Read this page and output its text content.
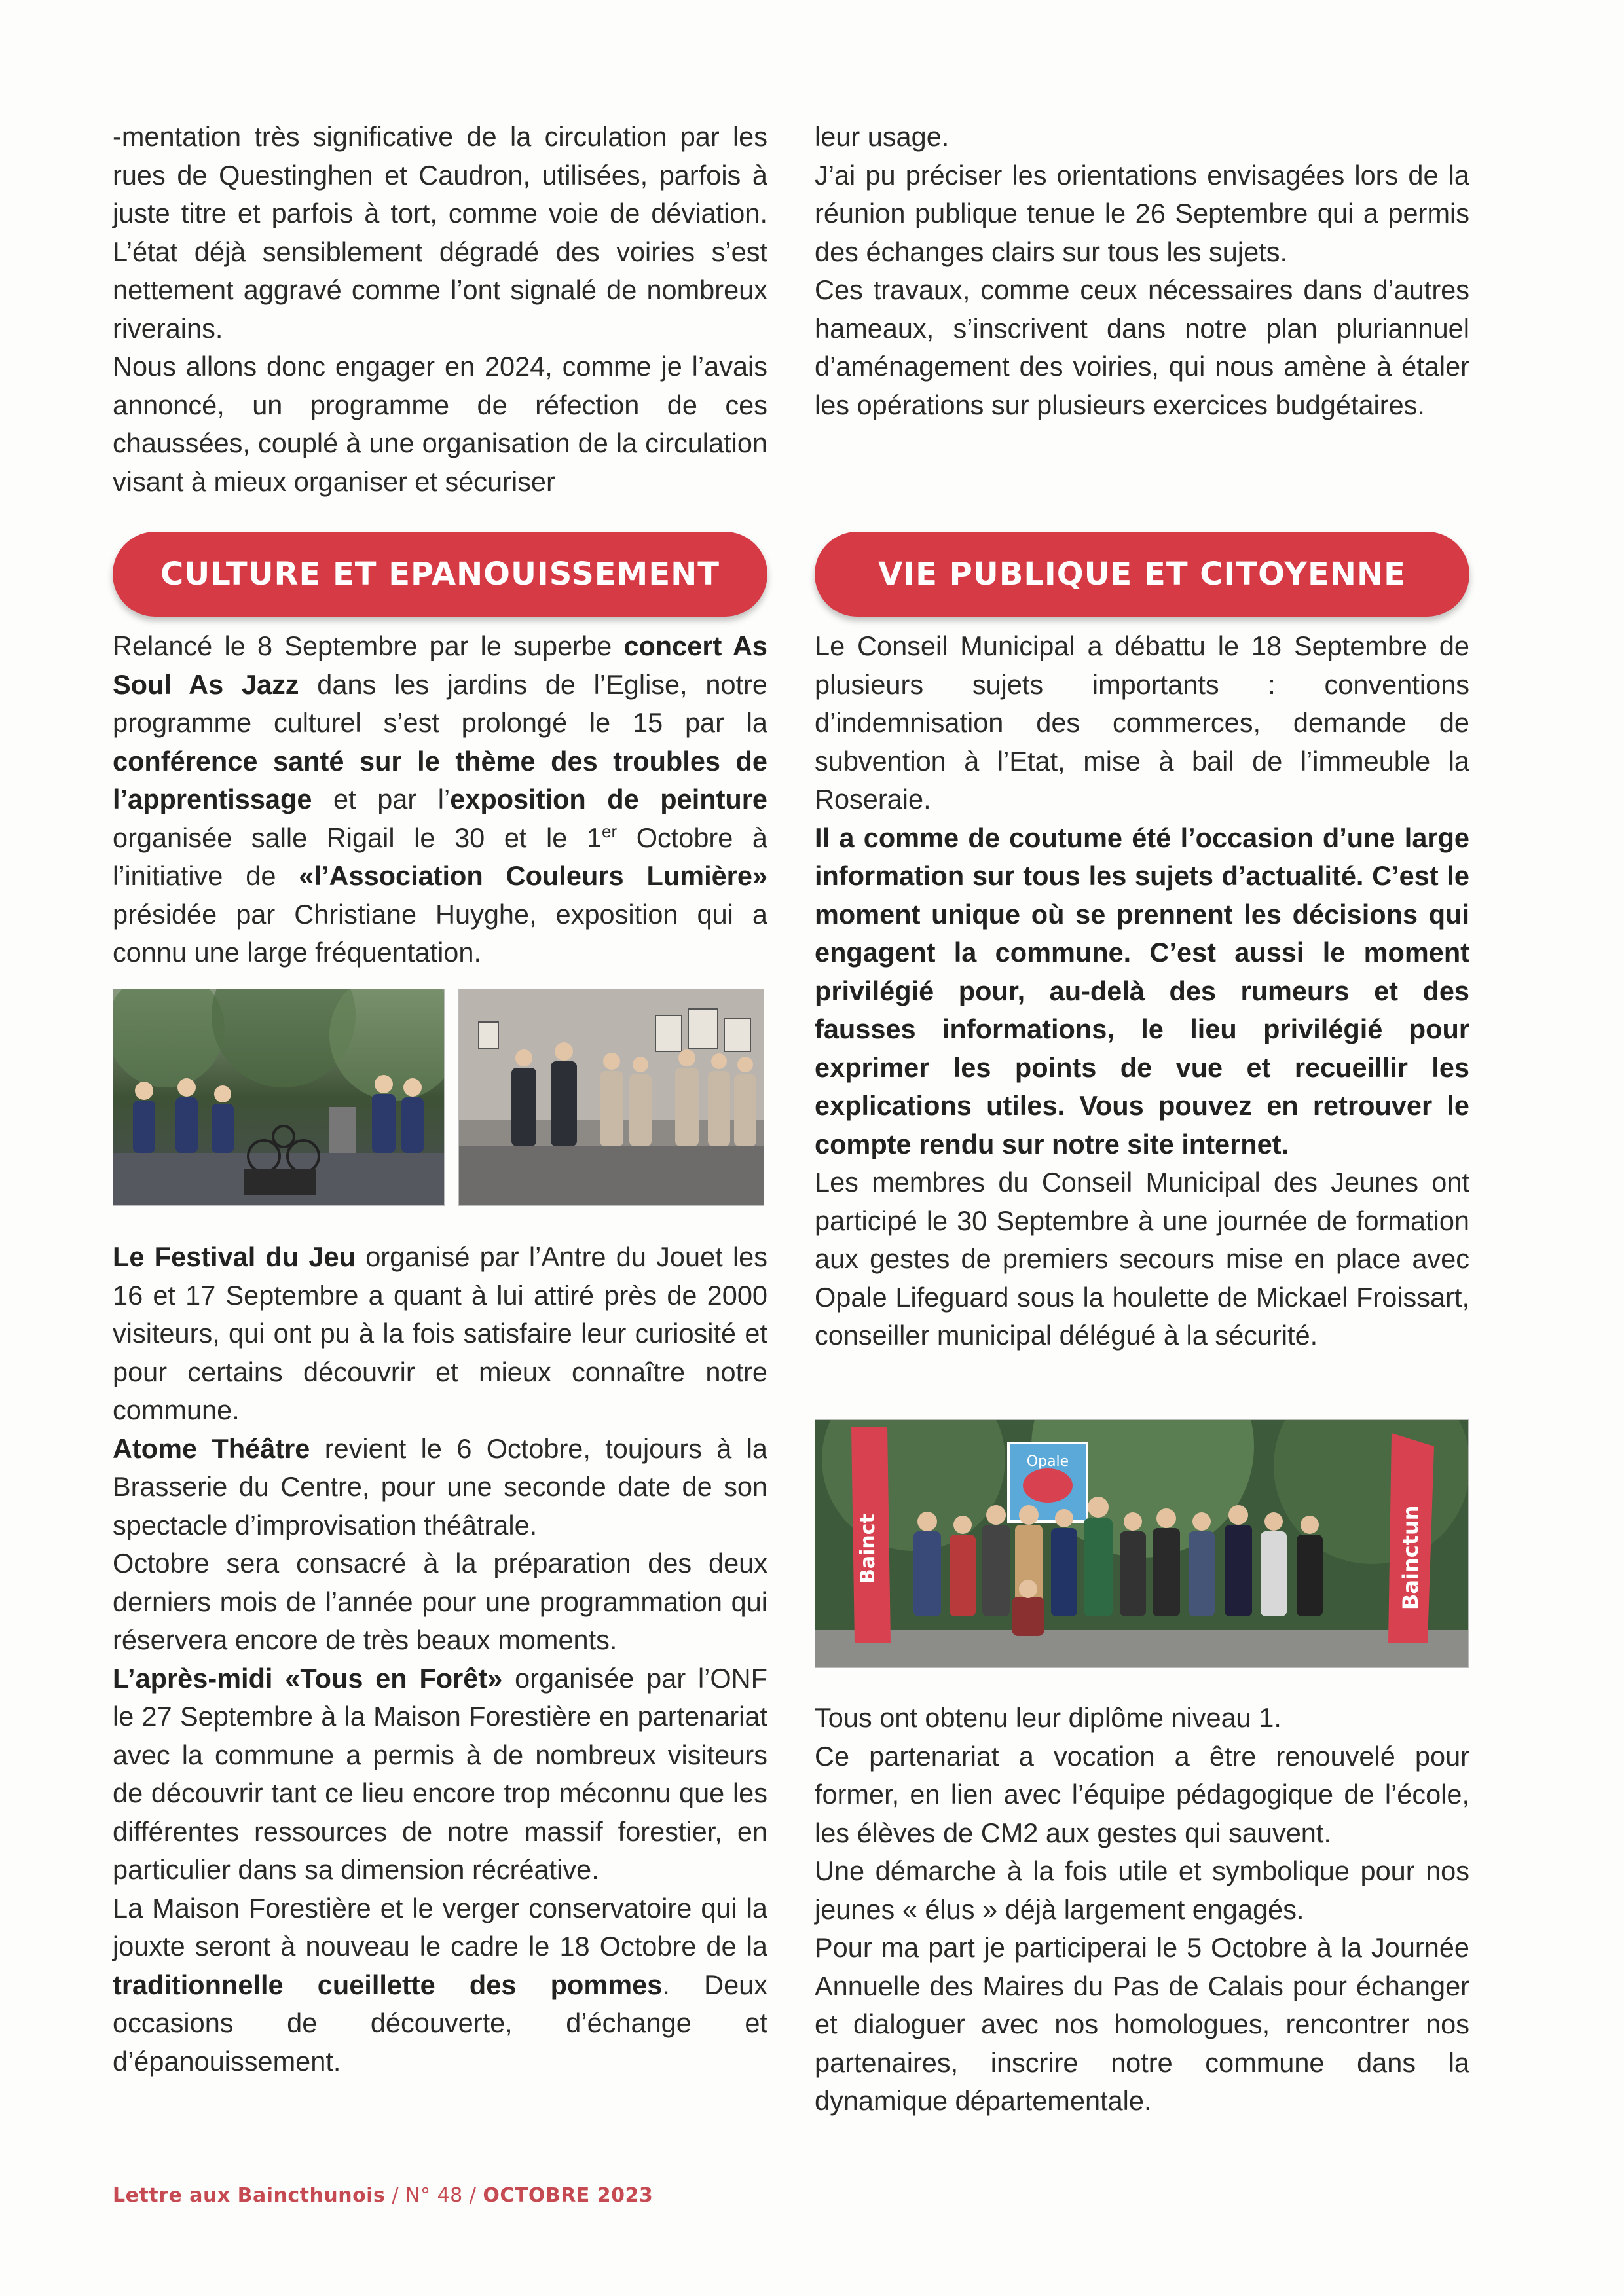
-mentation très significative de la circulation par les rues de Questinghen et Caudron, utilisées, parfois à juste titre et parfois à tort, comme voie de déviation. L’état déjà sensiblement dégradé des voiries s’est nettement aggravé comme l’ont signalé de nombreux riverains.

Nous allons donc engager en 2024, comme je l’avais annoncé, un programme de réfection de ces chaussées, couplé à une organisation de la circulation visant à mieux organiser et sécuriser

leur usage.

J’ai pu préciser les orientations envisagées lors de la réunion publique tenue le 26 Septembre qui a permis des échanges clairs sur tous les sujets.

Ces travaux, comme ceux nécessaires dans d’autres hameaux, s’inscrivent dans notre plan pluriannuel d’aménagement des voiries, qui nous amène à étaler les opérations sur plusieurs exercices budgétaires.

CULTURE ET EPANOUISSEMENT	VIE PUBLIQUE ET CITOYENNE

Relancé le 8 Septembre par le superbe concert As Soul As Jazz dans les jardins de l’Eglise, notre programme culturel s’est prolongé le 15 par la conférence santé sur le thème des troubles de l’apprentissage et par l’exposition de peinture organisée salle Rigail le 30 et le 1er Octobre à l’initiative de «l’Association Couleurs Lumière» présidée par Christiane Huyghe, exposition qui a connu une large fréquentation.

Le Festival du Jeu organisé par l’Antre du Jouet les 16 et 17 Septembre a quant à lui attiré près de 2000 visiteurs, qui ont pu à la fois satisfaire leur curiosité et pour certains découvrir et mieux connaître notre commune.

Atome Théâtre revient le 6 Octobre, toujours à la Brasserie du Centre, pour une seconde date de son spectacle d’improvisation théâtrale.

Octobre sera consacré à la préparation des deux derniers mois de l’année pour une programmation qui réservera encore de très beaux moments.

L’après-midi «Tous en Forêt» organisée par l’ONF le 27 Septembre à la Maison Forestière en partenariat avec la commune a permis à de nombreux visiteurs de découvrir tant ce lieu encore trop méconnu que les différentes ressources de notre massif forestier, en particulier dans sa dimension récréative.

La Maison Forestière et le verger conservatoire qui la jouxte seront à nouveau le cadre le 18 Octobre de la traditionnelle cueillette des pommes. Deux occasions de découverte, d’échange et d’épanouissement.

Le Conseil Municipal a débattu le 18 Septembre de plusieurs sujets importants : conventions d’indemnisation des commerces, demande de subvention à l’Etat, mise à bail de l’immeuble la Roseraie.

Il a comme de coutume été l’occasion d’une large information sur tous les sujets d’actualité. C’est le moment unique où se prennent les décisions qui engagent la commune. C’est aussi le moment privilégié pour, au-delà des rumeurs et des fausses informations, le lieu privilégié pour exprimer les points de vue et recueillir les explications utiles. Vous pouvez en retrouver le compte rendu sur notre site internet.

Les membres du Conseil Municipal des Jeunes ont participé le 30 Septembre à une journée de formation aux gestes de premiers secours mise en place avec Opale Lifeguard sous la houlette de Mickael Froissart, conseiller municipal délégué à la sécurité.

Bainct	Bainctun
Opale

Tous ont obtenu leur diplôme niveau 1.

Ce partenariat a vocation a être renouvelé pour former, en lien avec l’équipe pédagogique de l’école, les élèves de CM2 aux gestes qui sauvent.

Une démarche à la fois utile et symbolique pour nos jeunes « élus » déjà largement engagés.

Pour ma part je participerai le 5 Octobre à la Journée Annuelle des Maires du Pas de Calais pour échanger et dialoguer avec nos homologues, rencontrer nos partenaires, inscrire notre commune dans la dynamique départementale.

Lettre aux Baincthunois / N° 48 / OCTOBRE 2023
